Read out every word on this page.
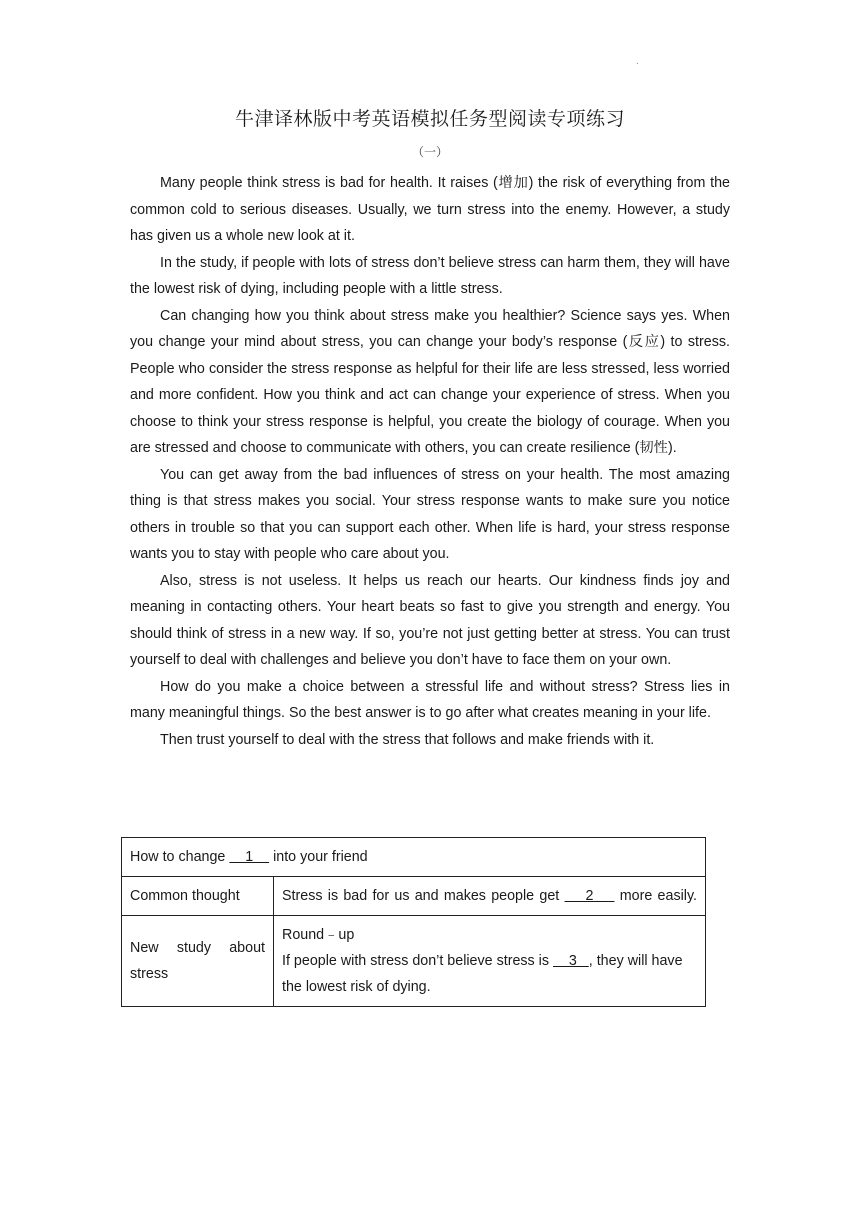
.
牛津译林版中考英语模拟任务型阅读专项练习
（一）

Many people think stress is bad for health. It raises (增加) the risk of everything from the common cold to serious diseases. Usually, we turn stress into the enemy. However, a study has given us a whole new look at it.

In the study, if people with lots of stress don’t believe stress can harm them, they will have the lowest risk of dying, including people with a little stress.

Can changing how you think about stress make you healthier? Science says yes. When you change your mind about stress, you can change your body’s response (反应) to stress. People who consider the stress response as helpful for their life are less stressed, less worried and more confident. How you think and act can change your experience of stress. When you choose to think your stress response is helpful, you create the biology of courage. When you are stressed and choose to communicate with others, you can create resilience (韧性).

You can get away from the bad influences of stress on your health. The most amazing thing is that stress makes you social. Your stress response wants to make sure you notice others in trouble so that you can support each other. When life is hard, your stress response wants you to stay with people who care about you.

Also, stress is not useless. It helps us reach our hearts. Our kindness finds joy and meaning in contacting others. Your heart beats so fast to give you strength and energy. You should think of stress in a new way. If so, you’re not just getting better at stress. You can trust yourself to deal with challenges and believe you don’t have to face them on your own.

How do you make a choice between a stressful life and without stress? Stress lies in many meaningful things. So the best answer is to go after what creates meaning in your life.

Then trust yourself to deal with the stress that follows and make friends with it.

How to change     1     into your friend	
Common thought	Stress is bad for us and makes people get     2     more easily.
New study about stress	Round﹣up
If people with stress don’t believe stress is     3   , they will have the lowest risk of dying.
